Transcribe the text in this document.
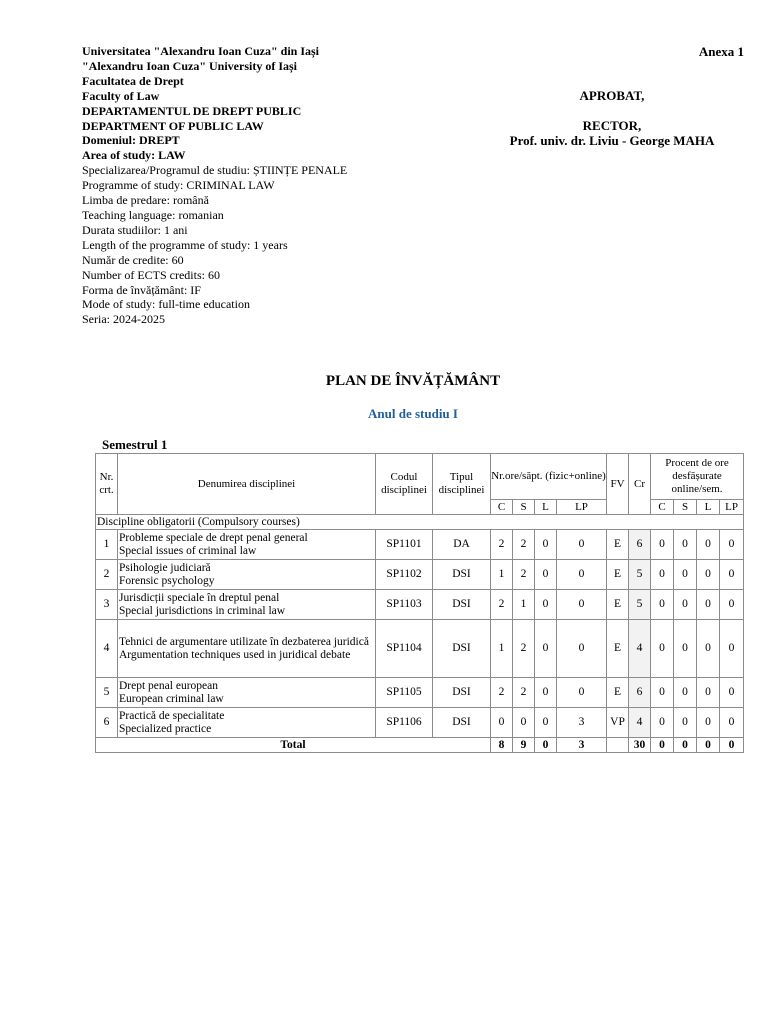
Universitatea "Alexandru Ioan Cuza" din Iași
"Alexandru Ioan Cuza" University of Iași
Facultatea de Drept
Faculty of Law
DEPARTAMENTUL DE DREPT PUBLIC
DEPARTMENT OF PUBLIC LAW
Domeniul: DREPT
Area of study: LAW
Specializarea/Programul de studiu: ȘTIINȚE PENALE
Programme of study: CRIMINAL LAW
Limba de predare: română
Teaching language: romanian
Durata studiilor: 1 ani
Length of the programme of study: 1 years
Număr de credite: 60
Number of ECTS credits: 60
Forma de învățământ: IF
Mode of study: full-time education
Seria: 2024-2025
Anexa 1
APROBAT,
RECTOR,
Prof. univ. dr. Liviu - George MAHA
PLAN DE ÎNVĂȚĂMÂNT
Anul de studiu I
Semestrul 1
Nr. crt.	Denumirea disciplinei	Codul disciplinei	Tipul disciplinei	Nr.ore/săpt. (fizic+online)				FV	Cr	Procent de ore desfășurate online/sem.			
				C	S	L	LP			C	S	L	LP
Discipline obligatorii (Compulsory courses)													
1	Probleme speciale de drept penal general
Special issues of criminal law	SP1101	DA	2	2	0	0	E	6	0	0	0	0
2	Psihologie judiciară
Forensic psychology	SP1102	DSI	1	2	0	0	E	5	0	0	0	0
3	Jurisdicții speciale în dreptul penal
Special jurisdictions in criminal law	SP1103	DSI	2	1	0	0	E	5	0	0	0	0
4	Tehnici de argumentare utilizate în dezbaterea juridică
Argumentation techniques used in juridical debate	SP1104	DSI	1	2	0	0	E	4	0	0	0	0
5	Drept penal european
European criminal law	SP1105	DSI	2	2	0	0	E	6	0	0	0	0
6	Practică de specialitate
Specialized practice	SP1106	DSI	0	0	0	3	VP	4	0	0	0	0
Total				8	9	0	3		30	0	0	0	0
